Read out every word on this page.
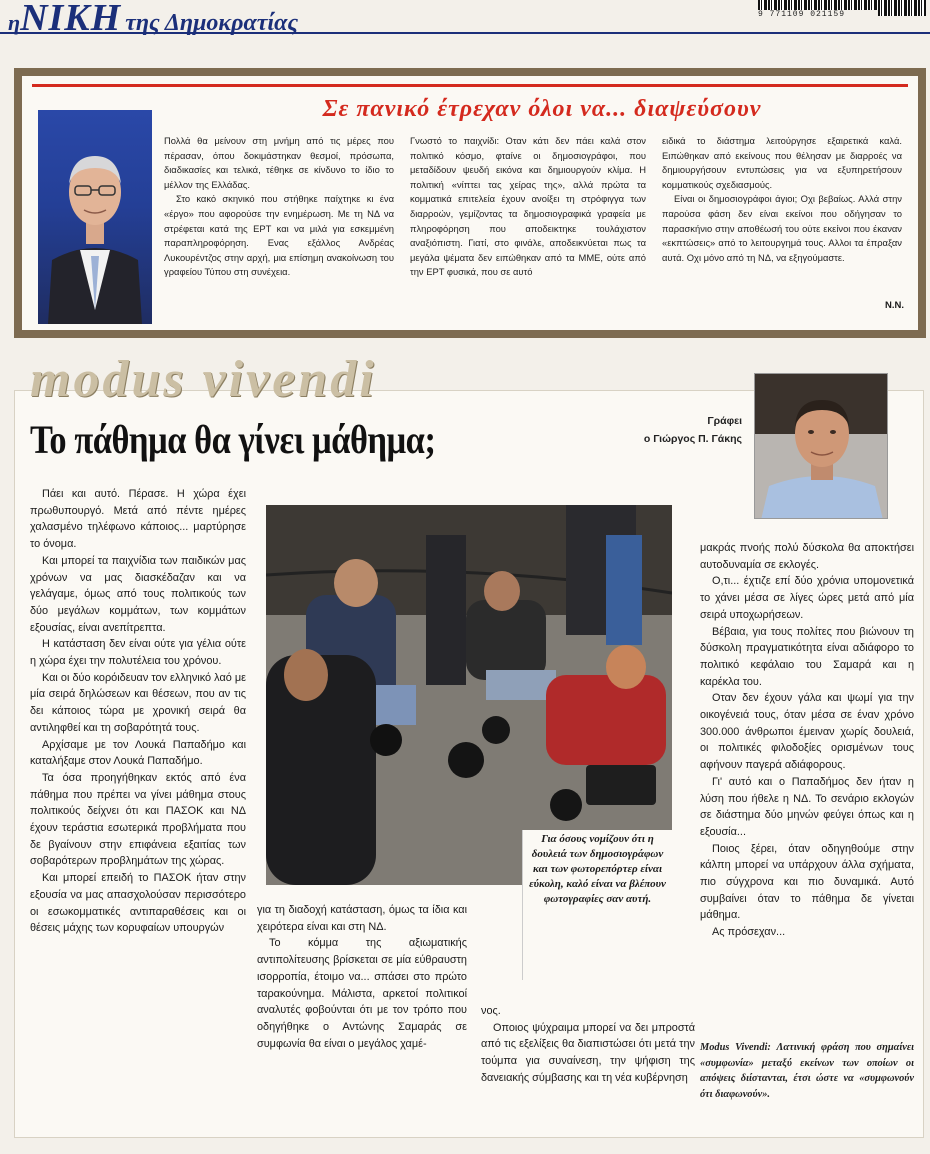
ηΝΙΚΗ της Δημοκρατίας	9 771109 021159
Σε πανικό έτρεχαν όλοι να... διαψεύσουν

Πολλά θα μείνουν στη μνήμη από τις μέρες που πέρασαν, όπου δοκιμάστηκαν θεσμοί, πρόσωπα, διαδικασίες και τελικά, τέθηκε σε κίνδυνο το ίδιο το μέλλον της Ελλάδας.

Στο κακό σκηνικό που στήθηκε παίχτηκε κι ένα «έργο» που αφορούσε την ενημέρωση. Με τη ΝΔ να στρέφεται κατά της ΕΡΤ και να μιλά για εσκεμμένη παραπληροφόρηση. Ενας εξάλλος Ανδρέας Λυκουρέντζος στην αρχή, μια επίσημη ανακοίνωση του γραφείου Τύπου στη συνέχεια.

Γνωστό το παιχνίδι: Οταν κάτι δεν πάει καλά στον πολιτικό κόσμο, φταίνε οι δημοσιογράφοι, που μεταδίδουν ψευδή εικόνα και δημιουργούν κλίμα. Η πολιτική «νίπτει τας χείρας της», αλλά πρώτα τα κομματικά επιτελεία έχουν ανοίξει τη στρόφιγγα των διαρροών, γεμίζοντας τα δημοσιογραφικά γραφεία με πληροφόρηση που αποδεικτηκε τουλάχιστον αναξιόπιστη. Γιατί, στο φινάλε, αποδεικνύεται πως τα μεγάλα ψέματα δεν ειπώθηκαν από τα ΜΜΕ, ούτε από την ΕΡΤ φυσικά, που σε αυτό

ειδικά το διάστημα λειτούργησε εξαιρετικά καλά. Ειπώθηκαν από εκείνους που θέλησαν με διαρροές να δημιουργήσουν εντυπώσεις για να εξυπηρετήσουν κομματικούς σχεδιασμούς.

Είναι οι δημοσιογράφοι άγιοι; Οχι βεβαίως. Αλλά στην παρούσα φάση δεν είναι εκείνοι που οδήγησαν το παρασκήνιο στην αποθέωσή του ούτε εκείνοι που έκαναν «εκπτώσεις» από το λειτουργημά τους. Αλλοι τα έπραξαν αυτά. Οχι μόνο από τη ΝΔ, να εξηγούμαστε.

Ν.Ν.
modus vivendi
Το πάθημα θα γίνει μάθημα;	Γράφει
ο Γιώργος Π. Γάκης

Πάει και αυτό. Πέρασε. Η χώρα έχει πρωθυπουργό. Μετά από πέντε ημέρες χαλασμένο τηλέφωνο κάποιος... μαρτύρησε το όνομα.

Και μπορεί τα παιχνίδια των παιδικών μας χρόνων να μας διασκέδαζαν και να γελάγαμε, όμως από τους πολιτικούς των δύο μεγάλων κομμάτων, των κομμάτων εξουσίας, είναι ανεπίτρεπτα.

Η κατάσταση δεν είναι ούτε για γέλια ούτε η χώρα έχει την πολυτέλεια του χρόνου.

Και οι δύο κορόιδευαν τον ελληνικό λαό με μία σειρά δηλώσεων και θέσεων, που αν τις δει κάποιος τώρα με χρονική σειρά θα αντιληφθεί και τη σοβαρότητά τους.

Αρχίσαμε με τον Λουκά Παπαδήμο και καταλήξαμε στον Λουκά Παπαδήμο.

Τα όσα προηγήθηκαν εκτός από ένα πάθημα που πρέπει να γίνει μάθημα στους πολιτικούς δείχνει ότι και ΠΑΣΟΚ και ΝΔ έχουν τεράστια εσωτερικά προβλήματα που δε βγαίνουν στην επιφάνεια εξαιτίας των σοβαρότερων προβλημάτων της χώρας.

Και μπορεί επειδή το ΠΑΣΟΚ ήταν στην εξουσία να μας απασχολούσαν περισσότερο οι εσωκομματικές αντιπαραθέσεις και οι θέσεις μάχης των κορυφαίων υπουργών

Για όσους νομίζουν ότι η δουλειά των δημοσιογράφων και των φωτορεπόρτερ είναι εύκολη, καλό είναι να βλέπουν φωτογραφίες σαν αυτή.

για τη διαδοχή κατάσταση, όμως τα ίδια και χειρότερα είναι και στη ΝΔ.

Το κόμμα της αξιωματικής αντιπολίτευσης βρίσκεται σε μία εύθραυστη ισορροπία, έτοιμο να... σπάσει στο πρώτο ταρακούνημα. Μάλιστα, αρκετοί πολιτικοί αναλυτές φοβούνται ότι με τον τρόπο που οδηγήθηκε ο Αντώνης Σαμαράς σε συμφωνία θα είναι ο μεγάλος χαμέ-

νος.

Οποιος ψύχραιμα μπορεί να δει μπροστά από τις εξελίξεις θα διαπιστώσει ότι μετά την τούμπα για συναίνεση, την ψήφιση της δανειακής σύμβασης και τη νέα κυβέρνηση

μακράς πνοής πολύ δύσκολα θα αποκτήσει αυτοδυναμία σε εκλογές.

Ο,τι... έχτιζε επί δύο χρόνια υπομονετικά το χάνει μέσα σε λίγες ώρες μετά από μία σειρά υποχωρήσεων.

Βέβαια, για τους πολίτες που βιώνουν τη δύσκολη πραγματικότητα είναι αδιάφορο το πολιτικό κεφάλαιο του Σαμαρά και η καρέκλα του.

Οταν δεν έχουν γάλα και ψωμί για την οικογένειά τους, όταν μέσα σε έναν χρόνο 300.000 άνθρωποι έμειναν χωρίς δουλειά, οι πολιτικές φιλοδοξίες ορισμένων τους αφήνουν παγερά αδιάφορους.

Γι' αυτό και ο Παπαδήμος δεν ήταν η λύση που ήθελε η ΝΔ. Το σενάριο εκλογών σε διάστημα δύο μηνών φεύγει όπως και η εξουσία...

Ποιος ξέρει, όταν οδηγηθούμε στην κάλπη μπορεί να υπάρχουν άλλα σχήματα, πιο σύγχρονα και πιο δυναμικά. Αυτό συμβαίνει όταν το πάθημα δε γίνεται μάθημα.

Ας πρόσεχαν...

Modus Vivendi: Λατινική φράση που σημαίνει «συμφωνία» μεταξύ εκείνων των οποίων οι απόψεις διίστανται, έτσι ώστε να «συμφωνούν ότι διαφωνούν».
